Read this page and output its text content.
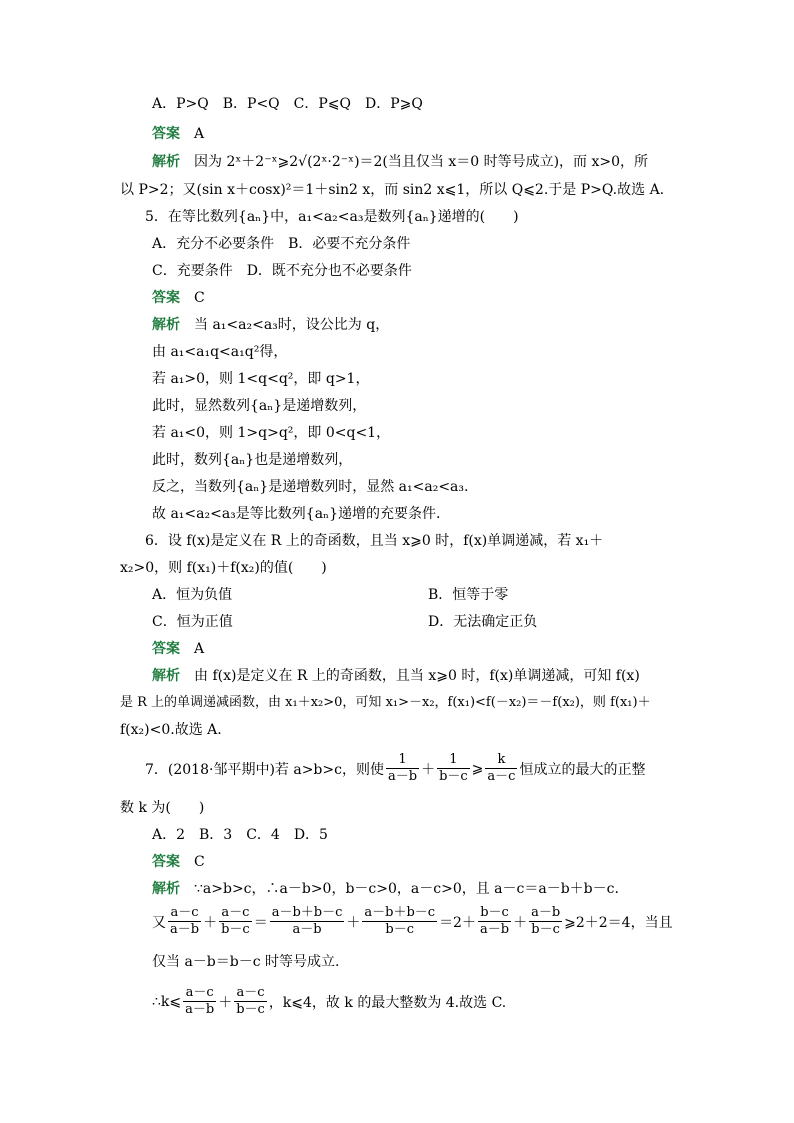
A．P>Q　B．P<Q　C．P⩽Q　D．P⩾Q
答案 A
解析 因为 2ˣ＋2⁻ˣ⩾2√(2ˣ·2⁻ˣ)＝2(当且仅当 x＝0 时等号成立)，而 x>0，所
以 P>2；又(sin x＋cosx)²＝1＋sin2 x，而 sin2 x⩽1，所以 Q⩽2.于是 P>Q.故选 A.
5．在等比数列{aₙ}中，a₁<a₂<a₃是数列{aₙ}递增的(　　)
A．充分不必要条件　B．必要不充分条件
C．充要条件　D．既不充分也不必要条件
答案 C
解析 当 a₁<a₂<a₃时，设公比为 q，
由 a₁<a₁q<a₁q²得，
若 a₁>0，则 1<q<q²，即 q>1，
此时，显然数列{aₙ}是递增数列，
若 a₁<0，则 1>q>q²，即 0<q<1，
此时，数列{aₙ}也是递增数列，
反之，当数列{aₙ}是递增数列时，显然 a₁<a₂<a₃.
故 a₁<a₂<a₃是等比数列{aₙ}递增的充要条件.
6．设 f(x)是定义在 R 上的奇函数，且当 x⩾0 时，f(x)单调递减，若 x₁＋
x₂>0，则 f(x₁)＋f(x₂)的值(　　)
A．恒为负值	B．恒等于零
C．恒为正值	D．无法确定正负
答案 A
解析 由 f(x)是定义在 R 上的奇函数，且当 x⩾0 时，f(x)单调递减，可知 f(x)
是 R 上的单调递减函数，由 x₁＋x₂>0，可知 x₁>－x₂，f(x₁)<f(－x₂)＝－f(x₂)，则 f(x₁)＋
f(x₂)<0.故选 A.
7．(2018·邹平期中)若 a>b>c，则使 $\frac{1}{a-b} + \frac{1}{b-c}$ ⩾ $\frac{k}{a-c}$ 恒成立的最大的正整
数 k 为(　　)
A．2　B．3　C．4　D．5
答案 C
解析 ∵a>b>c，∴a－b>0，b－c>0，a－c>0，且 a－c＝a－b＋b－c.
又 $\frac{a-c}{a-b} + \frac{a-c}{b-c} = \frac{a-b+b-c}{a-b} + \frac{a-b+b-c}{b-c} =2+ \frac{b-c}{a-b} + \frac{a-b}{b-c}$ ⩾2＋2＝4，当且
仅当 a－b＝b－c 时等号成立.
∴k⩽ $\frac{a-c}{a-b} + \frac{a-c}{b-c}$ ，k⩽4，故 k 的最大整数为 4.故选 C.
